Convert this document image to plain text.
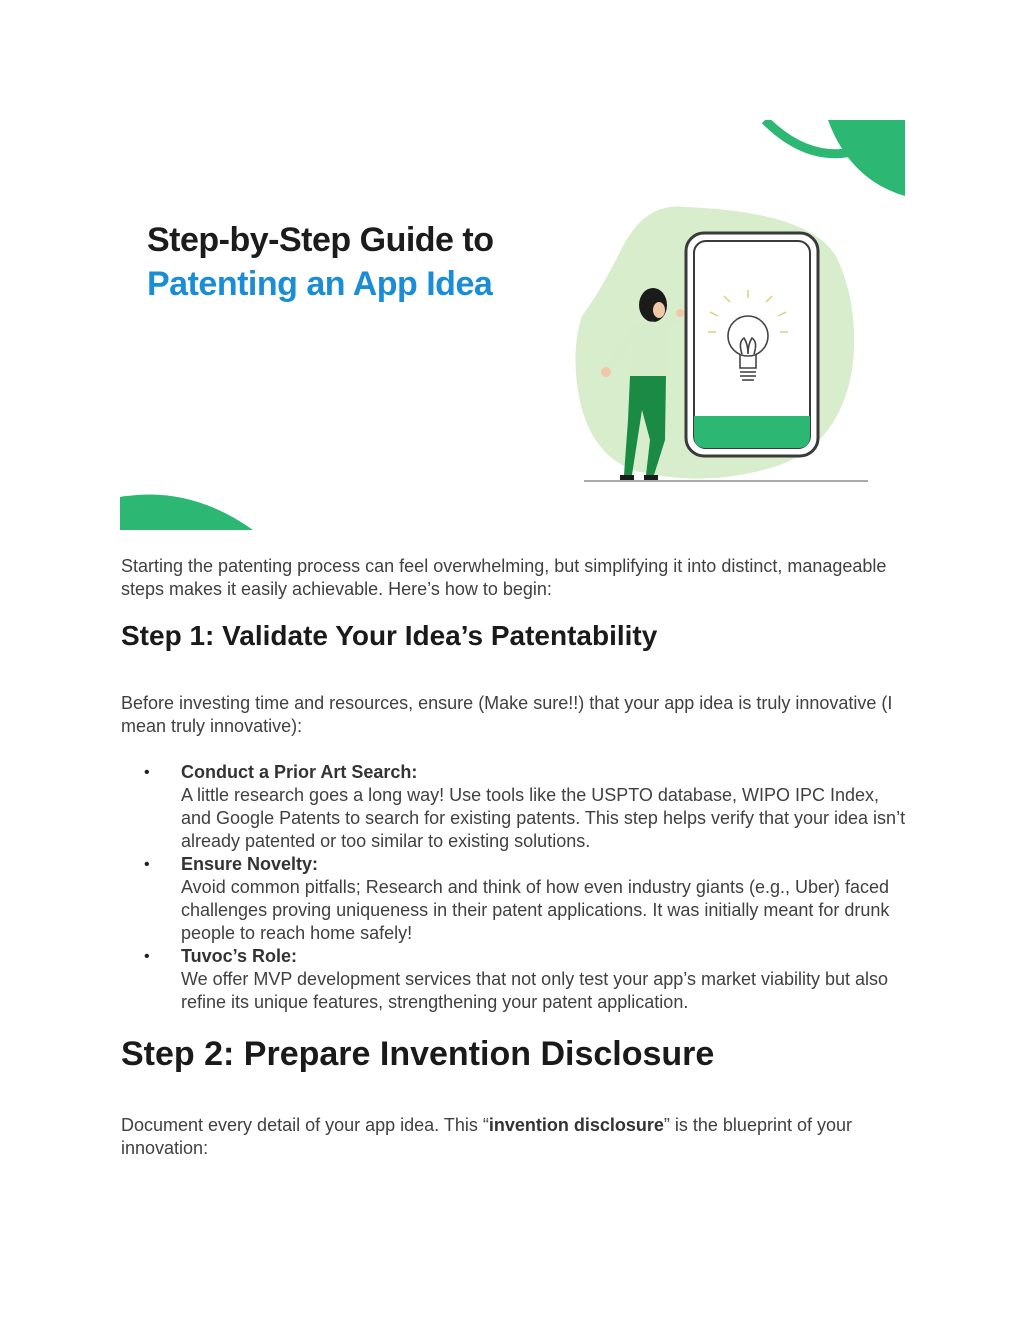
Step-by-Step Guide to
Patenting an App Idea

Starting the patenting process can feel overwhelming, but simplifying it into distinct, manageable steps makes it easily achievable. Here’s how to begin:

Step 1: Validate Your Idea’s Patentability

Before investing time and resources, ensure (Make sure!!) that your app idea is truly innovative (I mean truly innovative):

• Conduct a Prior Art Search:
A little research goes a long way! Use tools like the USPTO database, WIPO IPC Index, and Google Patents to search for existing patents. This step helps verify that your idea isn’t already patented or too similar to existing solutions.
• Ensure Novelty:
Avoid common pitfalls; Research and think of how even industry giants (e.g., Uber) faced challenges proving uniqueness in their patent applications. It was initially meant for drunk people to reach home safely!
• Tuvoc’s Role:
We offer MVP development services that not only test your app’s market viability but also refine its unique features, strengthening your patent application.
Step 2: Prepare Invention Disclosure

Document every detail of your app idea. This “invention disclosure” is the blueprint of your innovation:
